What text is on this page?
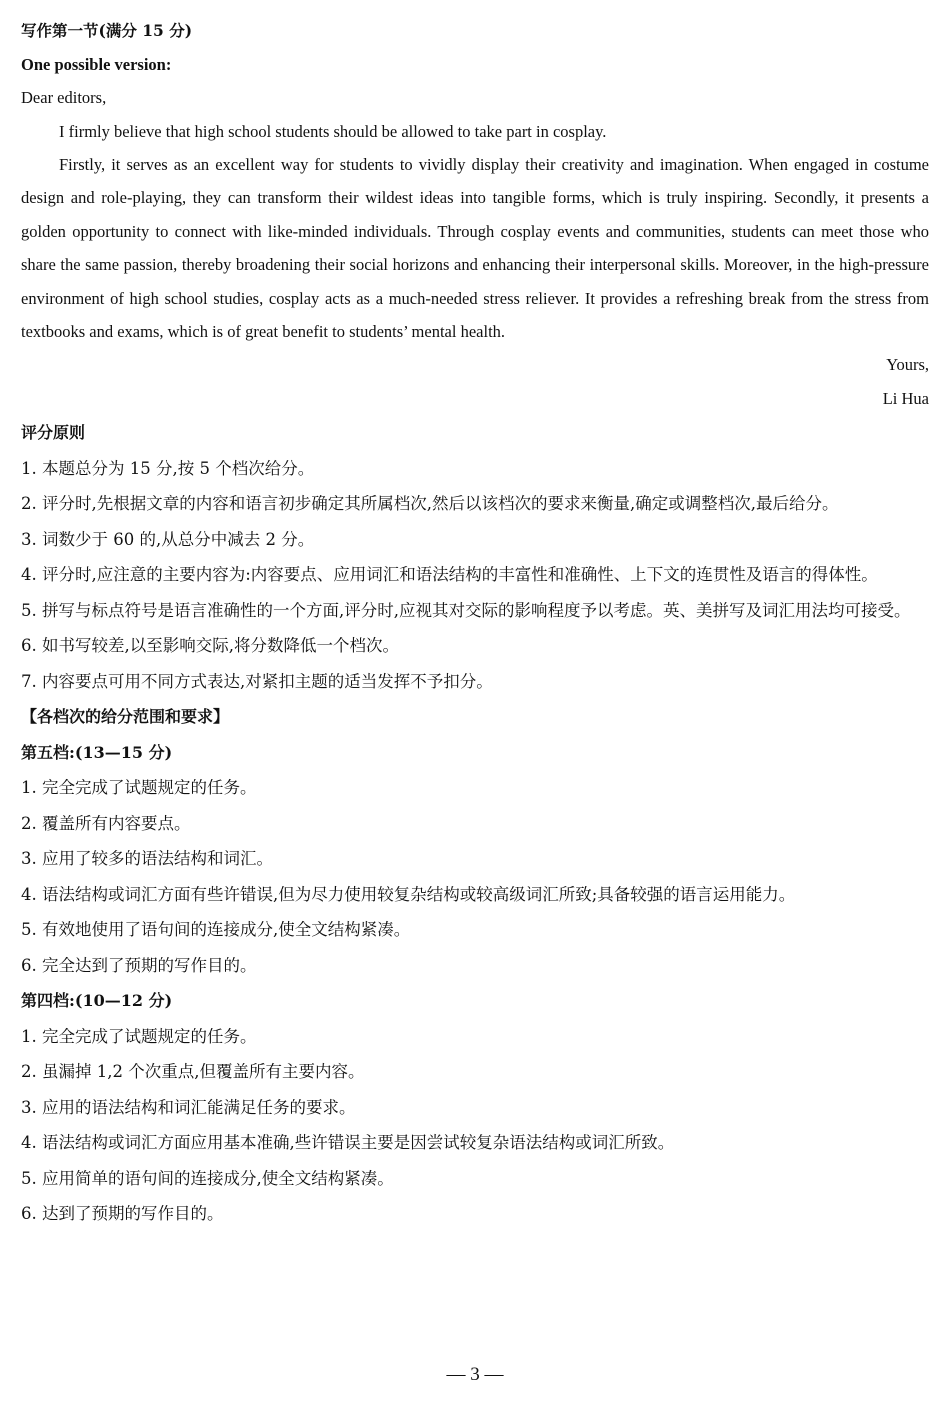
写作第一节(满分 15 分)
One possible version:
Dear editors,
I firmly believe that high school students should be allowed to take part in cosplay.
Firstly, it serves as an excellent way for students to vividly display their creativity and imagination. When engaged in costume design and role-playing, they can transform their wildest ideas into tangible forms, which is truly inspiring. Secondly, it presents a golden opportunity to connect with like-minded individuals. Through cosplay events and communities, students can meet those who share the same passion, thereby broadening their social horizons and enhancing their interpersonal skills. Moreover, in the high-pressure environment of high school studies, cosplay acts as a much-needed stress reliever. It provides a refreshing break from the stress from textbooks and exams, which is of great benefit to students’ mental health.
Yours,
Li Hua
评分原则
1. 本题总分为 15 分,按 5 个档次给分。
2. 评分时,先根据文章的内容和语言初步确定其所属档次,然后以该档次的要求来衡量,确定或调整档次,最后给分。
3. 词数少于 60 的,从总分中减去 2 分。
4. 评分时,应注意的主要内容为:内容要点、应用词汇和语法结构的丰富性和准确性、上下文的连贯性及语言的得体性。
5. 拼写与标点符号是语言准确性的一个方面,评分时,应视其对交际的影响程度予以考虑。英、美拼写及词汇用法均可接受。
6. 如书写较差,以至影响交际,将分数降低一个档次。
7. 内容要点可用不同方式表达,对紧扣主题的适当发挥不予扣分。
【各档次的给分范围和要求】
第五档:(13—15 分)
1. 完全完成了试题规定的任务。
2. 覆盖所有内容要点。
3. 应用了较多的语法结构和词汇。
4. 语法结构或词汇方面有些许错误,但为尽力使用较复杂结构或较高级词汇所致;具备较强的语言运用能力。
5. 有效地使用了语句间的连接成分,使全文结构紧凑。
6. 完全达到了预期的写作目的。
第四档:(10—12 分)
1. 完全完成了试题规定的任务。
2. 虽漏掉 1,2 个次重点,但覆盖所有主要内容。
3. 应用的语法结构和词汇能满足任务的要求。
4. 语法结构或词汇方面应用基本准确,些许错误主要是因尝试较复杂语法结构或词汇所致。
5. 应用简单的语句间的连接成分,使全文结构紧凑。
6. 达到了预期的写作目的。
— 3 —
